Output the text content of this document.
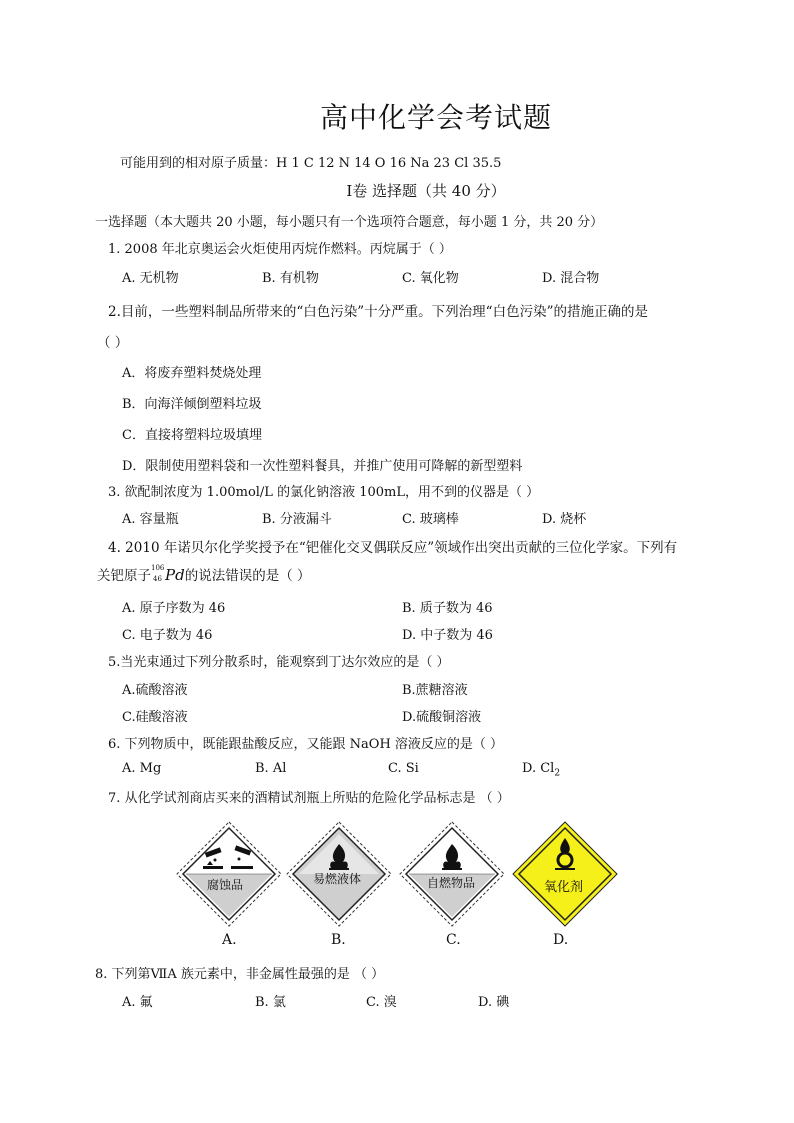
高中化学会考试题
可能用到的相对原子质量：H 1 C 12 N 14 O 16 Na 23 Cl 35.5
Ⅰ卷 选择题（共 40 分）
一选择题（本大题共 20 小题，每小题只有一个选项符合题意，每小题 1 分，共 20 分）
1. 2008 年北京奥运会火炬使用丙烷作燃料。丙烷属于（ ）
A. 无机物	B. 有机物	C. 氧化物	D. 混合物
2.目前，一些塑料制品所带来的“白色污染”十分严重。下列治理“白色污染”的措施正确的是
（ ）
A．将废弃塑料焚烧处理
B．向海洋倾倒塑料垃圾
C．直接将塑料垃圾填埋
D．限制使用塑料袋和一次性塑料餐具，并推广使用可降解的新型塑料
3. 欲配制浓度为 1.00mol/L 的氯化钠溶液 100mL，用不到的仪器是（ ）
A. 容量瓶	B. 分液漏斗	C. 玻璃棒	D. 烧杯
4. 2010 年诺贝尔化学奖授予在“钯催化交叉偶联反应”领域作出突出贡献的三位化学家。下列有
关钯原子 106
46 Pd的说法错误的是（ ）
A. 原子序数为 46	B. 质子数为 46
C. 电子数为 46	D. 中子数为 46
5.当光束通过下列分散系时，能观察到丁达尔效应的是（ ）
A.硫酸溶液	B.蔗糖溶液
C.硅酸溶液	D.硫酸铜溶液
6. 下列物质中，既能跟盐酸反应，又能跟 NaOH 溶液反应的是（ ）
A. Mg	B. Al	C. Si	D. $Cl_2$
7. 从化学试剂商店买来的酒精试剂瓶上所贴的危险化学品标志是 （ ）
腐蚀品	易燃液体	自燃物品	氧化剂
A.	B.	C.	D.
8. 下列第ⅦA 族元素中，非金属性最强的是 （ ）
A. 氟	B. 氯	C. 溴	D. 碘
